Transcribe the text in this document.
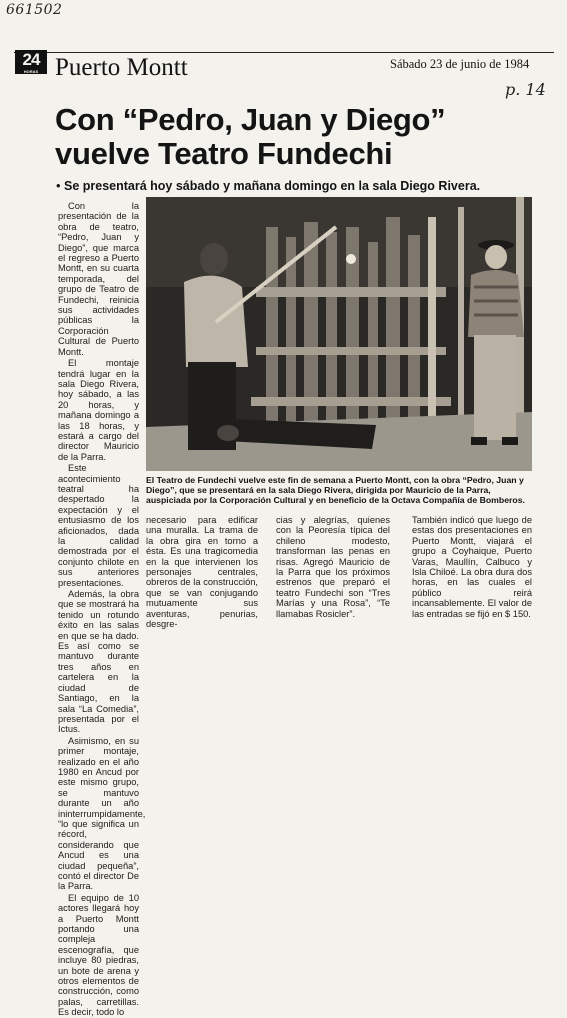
661502
p. 14
24
HORAS Puerto Montt	Sábado 23 de junio de 1984
Con “Pedro, Juan y Diego”
vuelve Teatro Fundechi
• Se presentará hoy sábado y mañana domingo en la sala Diego Rivera.

Con la presentación de la obra de teatro, “Pedro, Juan y Diego”, que marca el regreso a Puerto Montt, en su cuarta temporada, del grupo de Teatro de Fundechi, reinicia sus actividades públicas la Corporación Cultural de Puerto Montt.

El montaje tendrá lugar en la sala Diego Rivera, hoy sábado, a las 20 horas, y mañana domingo a las 18 horas, y estará a cargo del director Mauricio de la Parra.

Este acontecimiento teatral ha despertado la expectación y el entusiasmo de los aficionados, dada la calidad demostrada por el conjunto chilote en sus anteriores presentaciones.

Además, la obra que se mostrará ha tenido un rotundo éxito en las salas en que se ha dado. Es así como se mantuvo durante tres años en cartelera en la ciudad de Santiago, en la sala “La Comedia”, presentada por el Ictus.

Asimismo, en su primer montaje, realizado en el año 1980 en Ancud por este mismo grupo, se mantuvo durante un año ininterrumpidamente, “lo que significa un récord, considerando que Ancud es una ciudad pequeña”, contó el director De la Parra.

El equipo de 10 actores llegará hoy a Puerto Montt portando una compleja escenografía, que incluye 80 piedras, un bote de arena y otros elementos de construcción, como palas, carretillas. Es decir, todo lo

El Teatro de Fundechi vuelve este fin de semana a Puerto Montt, con la obra “Pedro, Juan y Diego”, que se presentará en la sala Diego Rivera, dirigida por Mauricio de la Parra, auspiciada por la Corporación Cultural y en beneficio de la Octava Compañía de Bomberos.

necesario para edificar una muralla. La trama de la obra gira en torno a ésta. Es una tragicomedia en la que intervienen los personajes centrales, obreros de la construcción, que se van conjugando mutuamente sus aventuras, penurias, desgre-

cias y alegrías, quienes con la Peoresía típica del chileno modesto, transforman las penas en risas. Agregó Mauricio de la Parra que los próximos estrenos que preparó el teatro Fundechi son “Tres Marías y una Rosa”, “Te llamabas Rosicler”.

También indicó que luego de estas dos presentaciones en Puerto Montt, viajará el grupo a Coyhaique, Puerto Varas, Maullín, Calbuco y Isla Chiloé. La obra dura dos horas, en las cuales el público reirá incansablemente. El valor de las entradas se fijó en $ 150.
